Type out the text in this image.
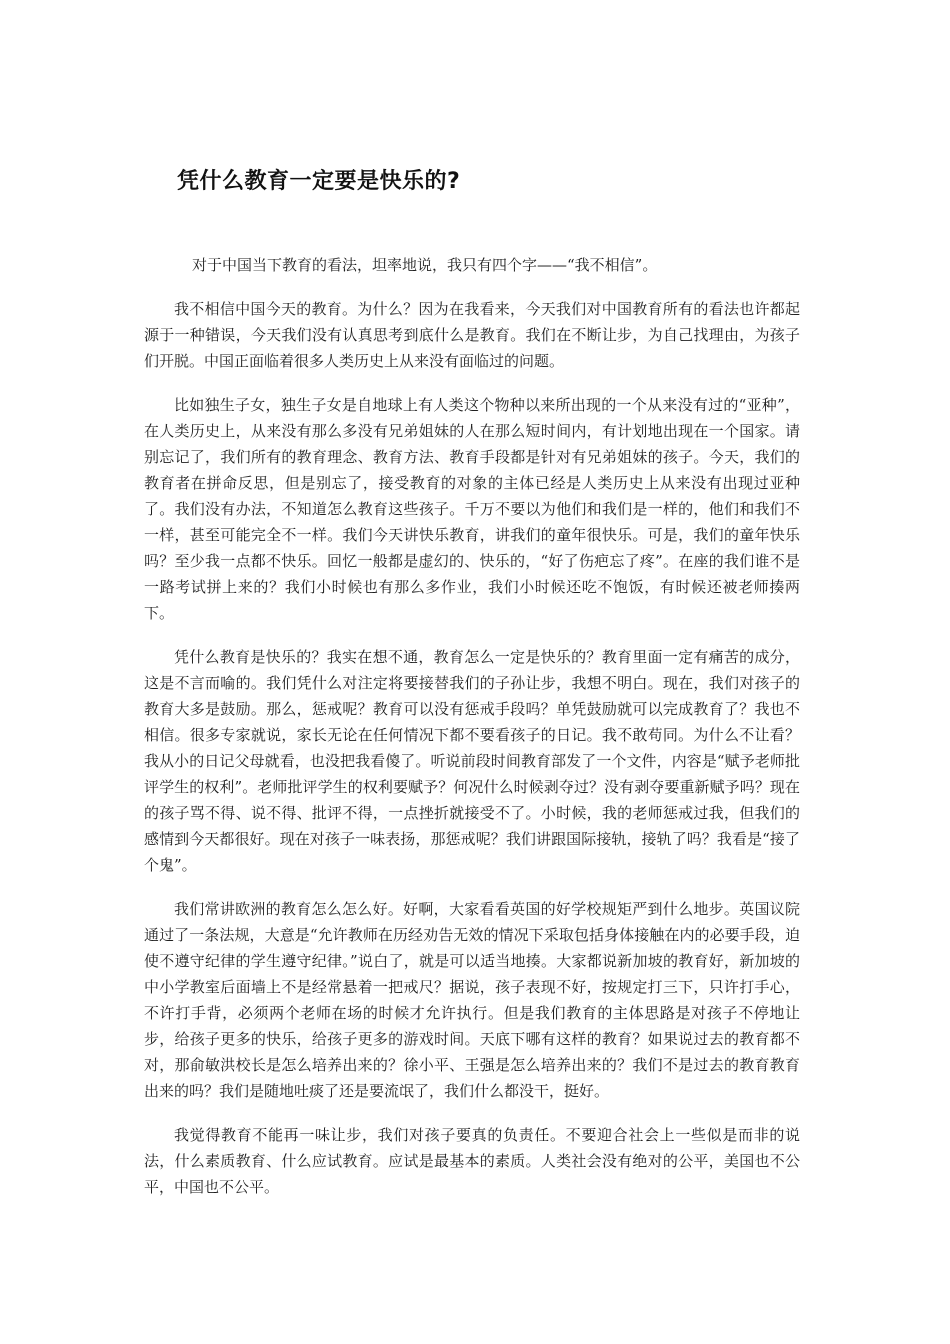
凭什么教育一定要是快乐的?

对于中国当下教育的看法，坦率地说，我只有四个字——“我不相信”。

我不相信中国今天的教育。为什么？因为在我看来，今天我们对中国教育所有的看法也许都起源于一种错误，今天我们没有认真思考到底什么是教育。我们在不断让步，为自己找理由，为孩子们开脱。中国正面临着很多人类历史上从来没有面临过的问题。

比如独生子女，独生子女是自地球上有人类这个物种以来所出现的一个从来没有过的“亚种”，在人类历史上，从来没有那么多没有兄弟姐妹的人在那么短时间内，有计划地出现在一个国家。请别忘记了，我们所有的教育理念、教育方法、教育手段都是针对有兄弟姐妹的孩子。今天，我们的教育者在拼命反思，但是别忘了，接受教育的对象的主体已经是人类历史上从来没有出现过亚种了。我们没有办法，不知道怎么教育这些孩子。千万不要以为他们和我们是一样的，他们和我们不一样，甚至可能完全不一样。我们今天讲快乐教育，讲我们的童年很快乐。可是，我们的童年快乐吗？至少我一点都不快乐。回忆一般都是虚幻的、快乐的，“好了伤疤忘了疼”。在座的我们谁不是一路考试拼上来的？我们小时候也有那么多作业，我们小时候还吃不饱饭，有时候还被老师揍两下。

凭什么教育是快乐的？我实在想不通，教育怎么一定是快乐的？教育里面一定有痛苦的成分，这是不言而喻的。我们凭什么对注定将要接替我们的子孙让步，我想不明白。现在，我们对孩子的教育大多是鼓励。那么，惩戒呢？教育可以没有惩戒手段吗？单凭鼓励就可以完成教育了？我也不相信。很多专家就说，家长无论在任何情况下都不要看孩子的日记。我不敢苟同。为什么不让看？我从小的日记父母就看，也没把我看傻了。听说前段时间教育部发了一个文件，内容是“赋予老师批评学生的权利”。老师批评学生的权利要赋予？何况什么时候剥夺过？没有剥夺要重新赋予吗？现在的孩子骂不得、说不得、批评不得，一点挫折就接受不了。小时候，我的老师惩戒过我，但我们的感情到今天都很好。现在对孩子一味表扬，那惩戒呢？我们讲跟国际接轨，接轨了吗？我看是“接了个鬼”。

我们常讲欧洲的教育怎么怎么好。好啊，大家看看英国的好学校规矩严到什么地步。英国议院通过了一条法规，大意是“允许教师在历经劝告无效的情况下采取包括身体接触在内的必要手段，迫使不遵守纪律的学生遵守纪律。”说白了，就是可以适当地揍。大家都说新加坡的教育好，新加坡的中小学教室后面墙上不是经常悬着一把戒尺？据说，孩子表现不好，按规定打三下，只许打手心，不许打手背，必须两个老师在场的时候才允许执行。但是我们教育的主体思路是对孩子不停地让步，给孩子更多的快乐，给孩子更多的游戏时间。天底下哪有这样的教育？如果说过去的教育都不对，那俞敏洪校长是怎么培养出来的？徐小平、王强是怎么培养出来的？我们不是过去的教育教育出来的吗？我们是随地吐痰了还是要流氓了，我们什么都没干，挺好。

我觉得教育不能再一味让步，我们对孩子要真的负责任。不要迎合社会上一些似是而非的说法，什么素质教育、什么应试教育。应试是最基本的素质。人类社会没有绝对的公平，美国也不公平，中国也不公平。
